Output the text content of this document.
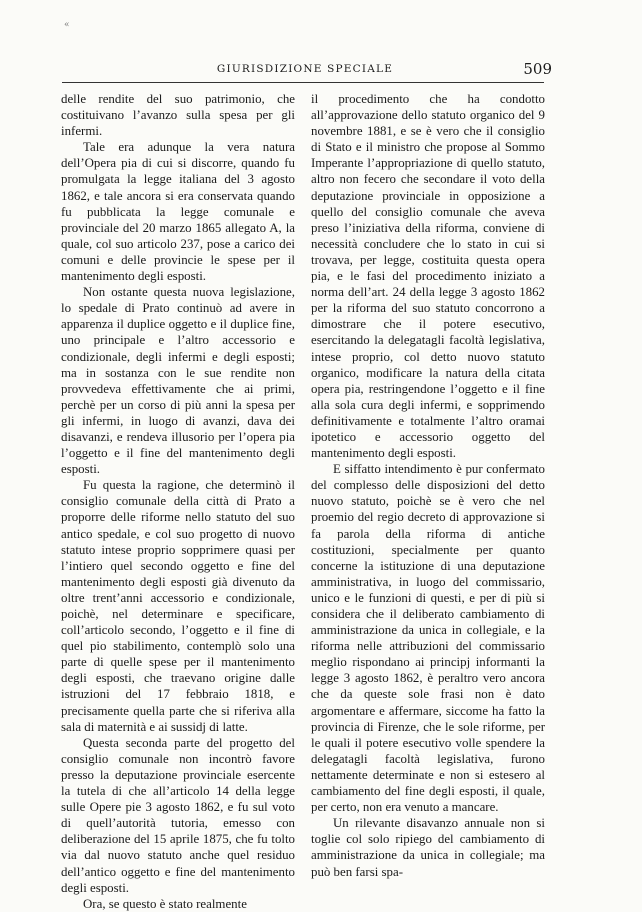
«
GIURISDIZIONE SPECIALE	509

delle rendite del suo patrimonio, che costituivano l’avanzo sulla spesa per gli infermi.

Tale era adunque la vera natura dell’Opera pia di cui si discorre, quando fu promulgata la legge italiana del 3 agosto 1862, e tale ancora si era conservata quando fu pubblicata la legge comunale e provinciale del 20 marzo 1865 allegato A, la quale, col suo articolo 237, pose a carico dei comuni e delle provincie le spese per il mantenimento degli esposti.

Non ostante questa nuova legislazione, lo spedale di Prato continuò ad avere in apparenza il duplice oggetto e il duplice fine, uno principale e l’altro accessorio e condizionale, degli infermi e degli esposti; ma in sostanza con le sue rendite non provvedeva effettivamente che ai primi, perchè per un corso di più anni la spesa per gli infermi, in luogo di avanzi, dava dei disavanzi, e rendeva illusorio per l’opera pia l’oggetto e il fine del mantenimento degli esposti.

Fu questa la ragione, che determinò il consiglio comunale della città di Prato a proporre delle riforme nello statuto del suo antico spedale, e col suo progetto di nuovo statuto intese proprio sopprimere quasi per l’intiero quel secondo oggetto e fine del mantenimento degli esposti già divenuto da oltre trent’anni accessorio e condizionale, poichè, nel determinare e specificare, coll’articolo secondo, l’oggetto e il fine di quel pio stabilimento, contemplò solo una parte di quelle spese per il mantenimento degli esposti, che traevano origine dalle istruzioni del 17 febbraio 1818, e precisamente quella parte che si riferiva alla sala di maternità e ai sussidj di latte.

Questa seconda parte del progetto del consiglio comunale non incontrò favore presso la deputazione provinciale esercente la tutela di che all’articolo 14 della legge sulle Opere pie 3 agosto 1862, e fu sul voto di quell’autorità tutoria, emesso con deliberazione del 15 aprile 1875, che fu tolto via dal nuovo statuto anche quel residuo dell’antico oggetto e fine del mantenimento degli esposti.

Ora, se questo è stato realmente

il procedimento che ha condotto all’approvazione dello statuto organico del 9 novembre 1881, e se è vero che il consiglio di Stato e il ministro che propose al Sommo Imperante l’appropriazione di quello statuto, altro non fecero che secondare il voto della deputazione provinciale in opposizione a quello del consiglio comunale che aveva preso l’iniziativa della riforma, conviene di necessità concludere che lo stato in cui si trovava, per legge, costituita questa opera pia, e le fasi del procedimento iniziato a norma dell’art. 24 della legge 3 agosto 1862 per la riforma del suo statuto concorrono a dimostrare che il potere esecutivo, esercitando la delegatagli facoltà legislativa, intese proprio, col detto nuovo statuto organico, modificare la natura della citata opera pia, restringendone l’oggetto e il fine alla sola cura degli infermi, e sopprimendo definitivamente e totalmente l’altro oramai ipotetico e accessorio oggetto del mantenimento degli esposti.

E siffatto intendimento è pur confermato del complesso delle disposizioni del detto nuovo statuto, poichè se è vero che nel proemio del regio decreto di approvazione si fa parola della riforma di antiche costituzioni, specialmente per quanto concerne la istituzione di una deputazione amministrativa, in luogo del commissario, unico e le funzioni di questi, e per di più si considera che il deliberato cambiamento di amministrazione da unica in collegiale, e la riforma nelle attribuzioni del commissario meglio rispondano ai principj informanti la legge 3 agosto 1862, è peraltro vero ancora che da queste sole frasi non è dato argomentare e affermare, siccome ha fatto la provincia di Firenze, che le sole riforme, per le quali il potere esecutivo volle spendere la delegatagli facoltà legislativa, furono nettamente determinate e non si estesero al cambiamento del fine degli esposti, il quale, per certo, non era venuto a mancare.

Un rilevante disavanzo annuale non si toglie col solo ripiego del cambiamento di amministrazione da unica in collegiale; ma può ben farsi spa-
